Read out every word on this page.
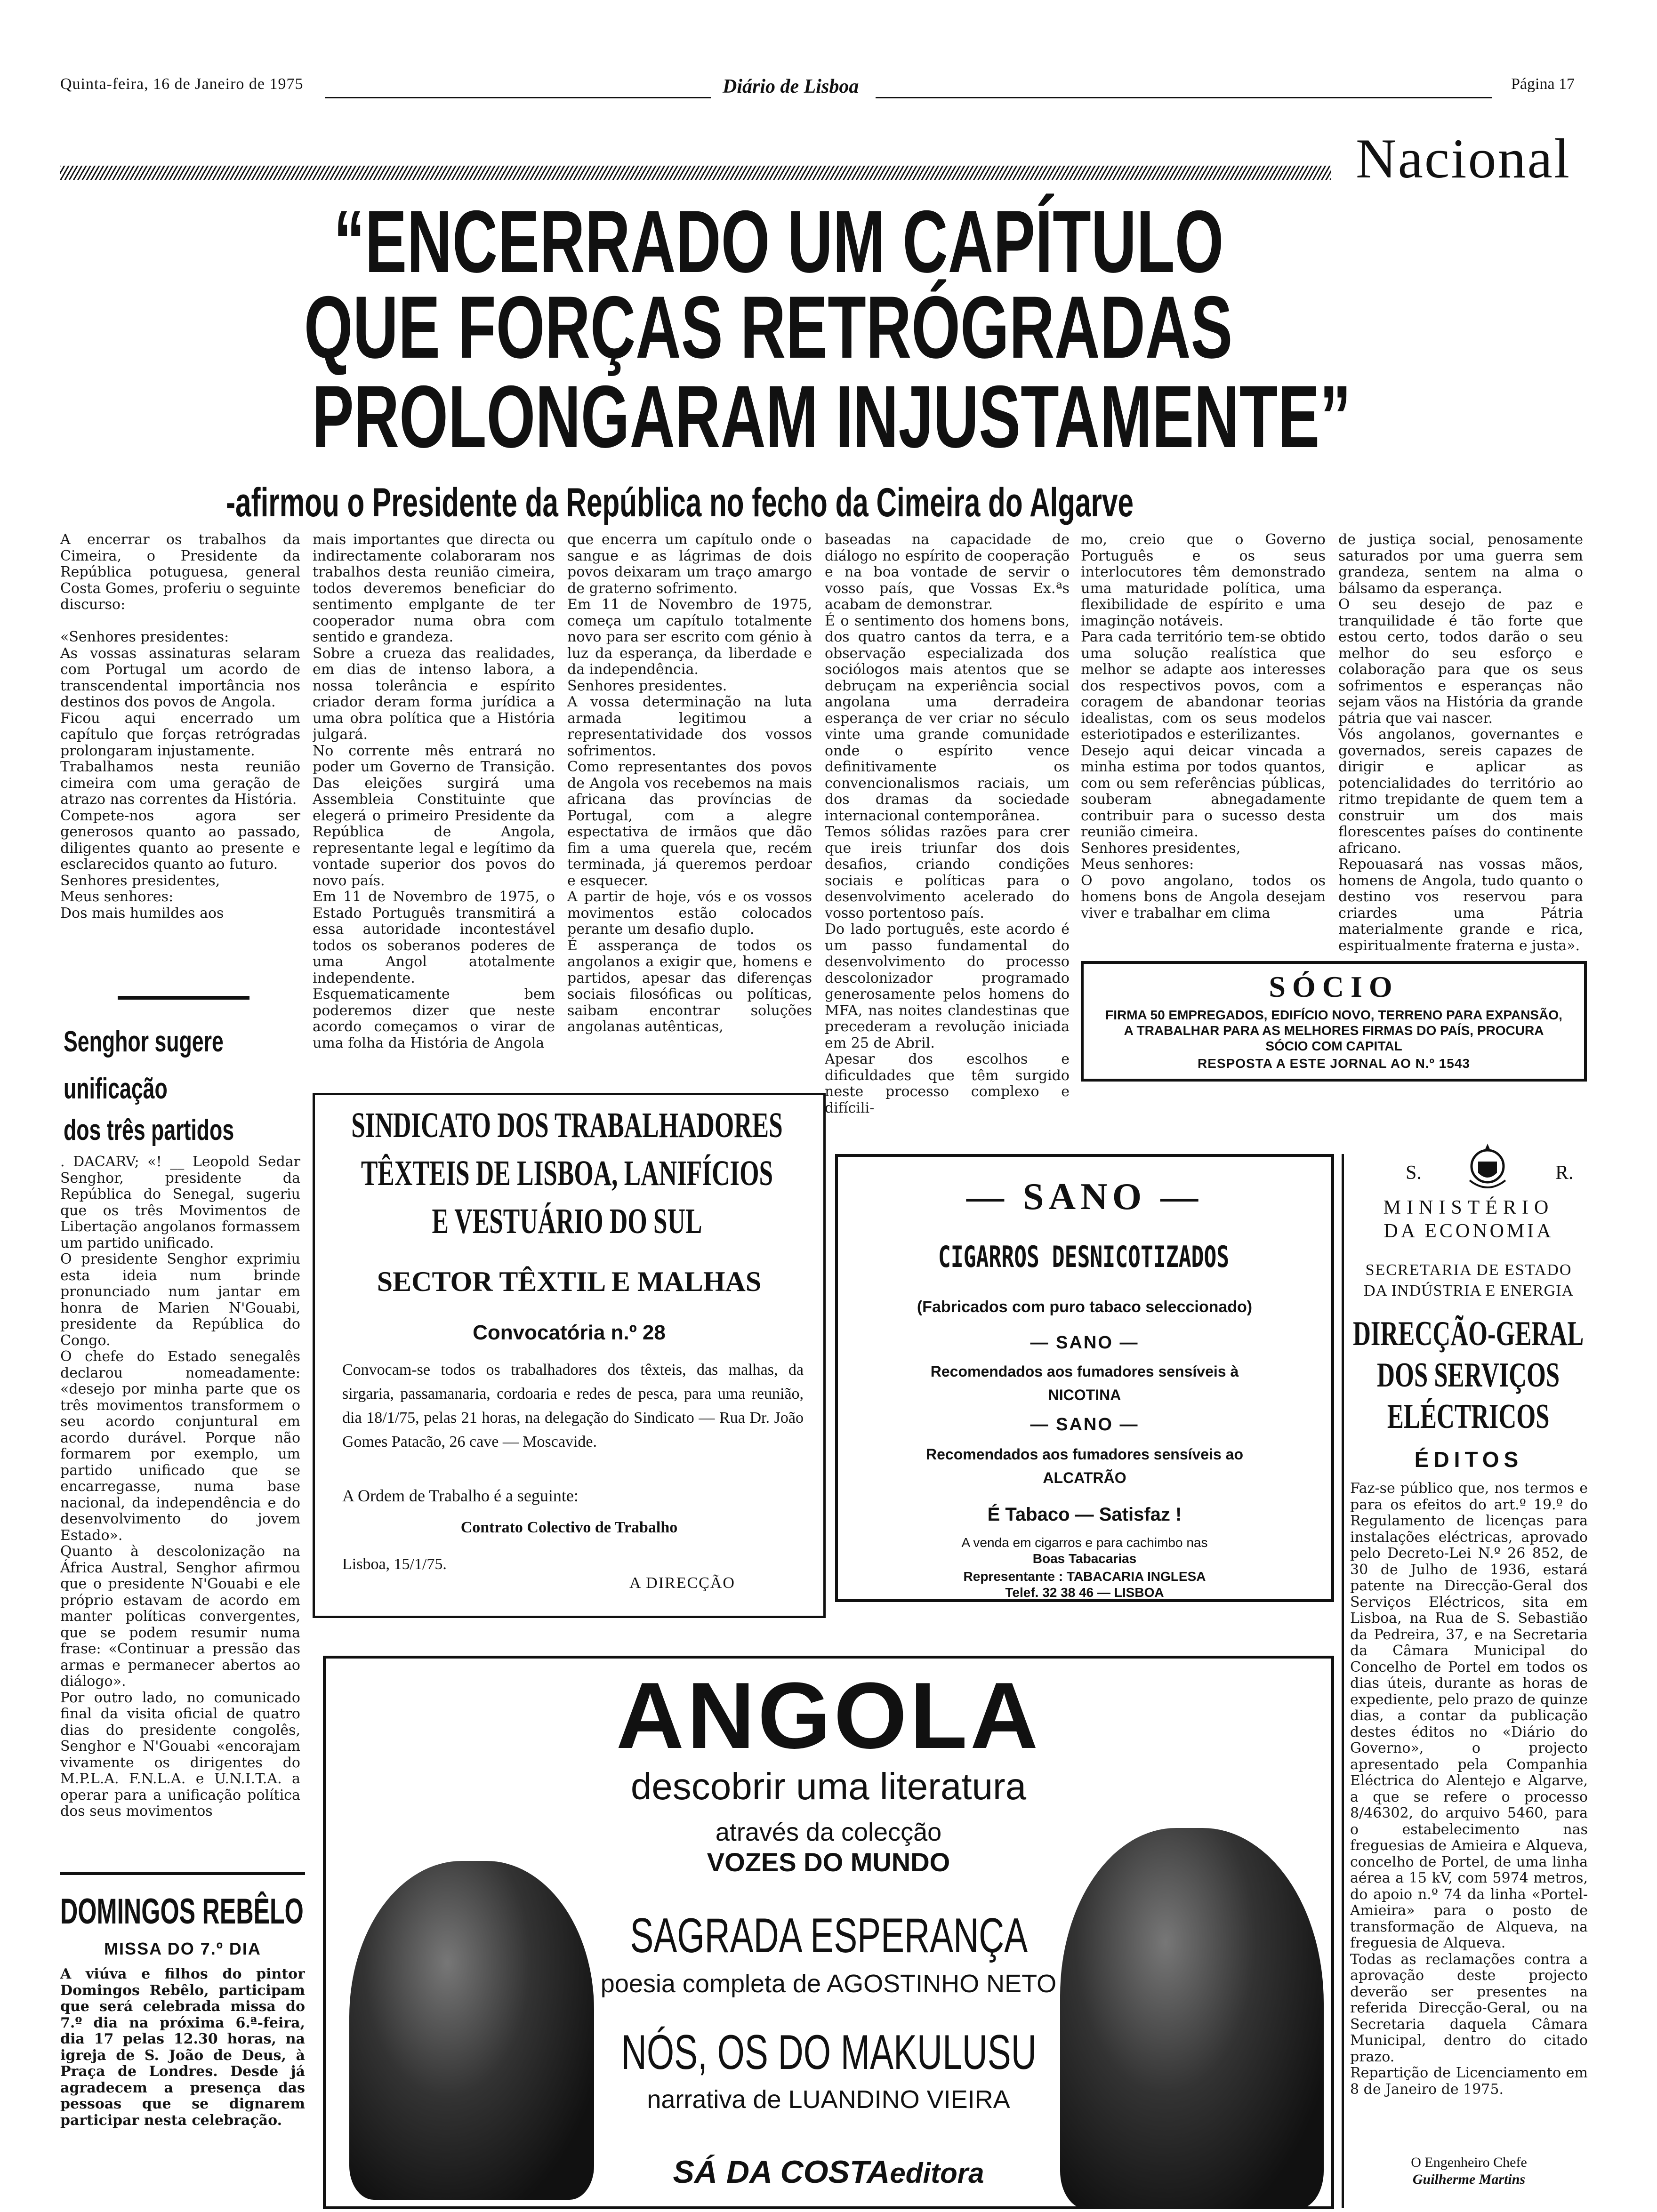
Quinta-feira, 16 de Janeiro de 1975	Diário de Lisboa	Página 17
Nacional
“ENCERRADO UM CAPÍTULO
QUE FORÇAS RETRÓGRADAS
PROLONGARAM INJUSTAMENTE”
-afirmou o Presidente da República no fecho da Cimeira do Algarve
A encerrar os trabalhos da Cimeira, o Presidente da República potuguesa, general Costa Gomes, proferiu o seguinte discurso:

«Senhores presidentes:
As vossas assinaturas selaram com Portugal um acordo de transcendental importância nos destinos dos povos de Angola.
Ficou aqui encerrado um capítulo que forças retrógradas prolongaram injustamente.
Trabalhamos nesta reunião cimeira com uma geração de atrazo nas correntes da História.
Compete-nos agora ser generosos quanto ao passado, diligentes quanto ao presente e esclarecidos quanto ao futuro.
Senhores presidentes,
Meus senhores:
Dos mais humildes aos
mais importantes que directa ou indirectamente colaboraram nos trabalhos desta reunião cimeira, todos deveremos beneficiar do sentimento emplgante de ter cooperador numa obra com sentido e grandeza.
Sobre a crueza das realidades, em dias de intenso labora, a nossa tolerância e espírito criador deram forma jurídica a uma obra política que a História julgará.
No corrente mês entrará no poder um Governo de Transição. Das eleições surgirá uma Assembleia Constituinte que elegerá o primeiro Presidente da República de Angola, representante legal e legítimo da vontade superior dos povos do novo país.
Em 11 de Novembro de 1975, o Estado Português transmitirá a essa autoridade incontestável todos os soberanos poderes de uma Angol atotalmente independente.
Esquematicamente bem poderemos dizer que neste acordo começamos o virar de uma folha da História de Angola
que encerra um capítulo onde o sangue e as lágrimas de dois povos deixaram um traço amargo de graterno sofrimento.
Em 11 de Novembro de 1975, começa um capítulo totalmente novo para ser escrito com génio à luz da esperança, da liberdade e da independência.
Senhores presidentes.
A vossa determinação na luta armada legitimou a representatividade dos vossos sofrimentos.
Como representantes dos povos de Angola vos recebemos na mais africana das províncias de Portugal, com a alegre espectativa de irmãos que dão fim a uma querela que, recém terminada, já queremos perdoar e esquecer.
A partir de hoje, vós e os vossos movimentos estão colocados perante um desafio duplo.
É assperança de todos os angolanos a exigir que, homens e partidos, apesar das diferenças sociais filosóficas ou políticas, saibam encontrar soluções angolanas autênticas,
baseadas na capacidade de diálogo no espírito de cooperação e na boa vontade de servir o vosso país, que Vossas Ex.ªs acabam de demonstrar.
É o sentimento dos homens bons, dos quatro cantos da terra, e a observação especializada dos sociólogos mais atentos que se debruçam na experiência social angolana uma derradeira esperança de ver criar no século vinte uma grande comunidade onde o espírito vence definitivamente os convencionalismos raciais, um dos dramas da sociedade internacional contemporânea.
Temos sólidas razões para crer que ireis triunfar dos dois desafios, criando condições sociais e políticas para o desenvolvimento acelerado do vosso portentoso país.
Do lado português, este acordo é um passo fundamental do desenvolvimento do processo descolonizador programado generosamente pelos homens do MFA, nas noites clandestinas que precederam a revolução iniciada em 25 de Abril.
Apesar dos escolhos e dificuldades que têm surgido neste processo complexo e difícili-
mo, creio que o Governo Português e os seus interlocutores têm demonstrado uma maturidade política, uma flexibilidade de espírito e uma imaginção notáveis.
Para cada território tem-se obtido uma solução realística que melhor se adapte aos interesses dos respectivos povos, com a coragem de abandonar teorias idealistas, com os seus modelos esteriotipados e esterilizantes.
Desejo aqui deicar vincada a minha estima por todos quantos, com ou sem referências públicas, souberam abnegadamente contribuir para o sucesso desta reunião cimeira.
Senhores presidentes,
Meus senhores:
O povo angolano, todos os homens bons de Angola desejam viver e trabalhar em clima
de justiça social, penosamente saturados por uma guerra sem grandeza, sentem na alma o bálsamo da esperança.
O seu desejo de paz e tranquilidade é tão forte que estou certo, todos darão o seu melhor do seu esforço e colaboração para que os seus sofrimentos e esperanças não sejam vãos na História da grande pátria que vai nascer.
Vós angolanos, governantes e governados, sereis capazes de dirigir e aplicar as potencialidades do território ao ritmo trepidante de quem tem a construir um dos mais florescentes países do continente africano.
Repouasará nas vossas mãos, homens de Angola, tudo quanto o destino vos reservou para criardes uma Pátria materialmente grande e rica, espiritualmente fraterna e justa».
Senghor sugere
unificação
dos três partidos
. DACARV; «! __ Leopold Sedar Senghor, presidente da República do Senegal, sugeriu que os três Movimentos de Libertação angolanos formassem um partido unificado.
O presidente Senghor exprimiu esta ideia num brinde pronunciado num jantar em honra de Marien N'Gouabi, presidente da República do Congo.
O chefe do Estado senegalês declarou nomeadamente: «desejo por minha parte que os três movimentos transformem o seu acordo conjuntural em acordo durável. Porque não formarem por exemplo, um partido unificado que se encarregasse, numa base nacional, da independência e do desenvolvimento do jovem Estado».
Quanto à descolonização na África Austral, Senghor afirmou que o presidente N'Gouabi e ele próprio estavam de acordo em manter políticas convergentes, que se podem resumir numa frase: «Continuar a pressão das armas e permanecer abertos ao diálogo».
Por outro lado, no comunicado final da visita oficial de quatro dias do presidente congolês, Senghor e N'Gouabi «encorajam vivamente os dirigentes do M.P.L.A. F.N.L.A. e U.N.I.T.A. a operar para a unificação política dos seus movimentos
DOMINGOS REBÊLO
MISSA DO 7.º DIA
A viúva e filhos do pintor Domingos Rebêlo, participam que será celebrada missa do 7.º dia na próxima 6.ª-feira, dia 17 pelas 12.30 horas, na igreja de S. João de Deus, à Praça de Londres. Desde já agradecem a presença das pessoas que se dignarem participar nesta celebração.
SÓCIO
FIRMA 50 EMPREGADOS, EDIFÍCIO NOVO, TERRENO PARA EXPANSÃO, A TRABALHAR PARA AS MELHORES FIRMAS DO PAÍS, PROCURA SÓCIO COM CAPITAL
RESPOSTA A ESTE JORNAL AO N.º 1543
SINDICATO DOS TRABALHADORES
TÊXTEIS DE LISBOA, LANIFÍCIOS
E VESTUÁRIO DO SUL
SECTOR TÊXTIL E MALHAS
Convocatória n.º 28
Convocam-se todos os trabalhadores dos têxteis, das malhas, da sirgaria, passamanaria, cordoaria e redes de pesca, para uma reunião, dia 18/1/75, pelas 21 horas, na delegação do Sindicato — Rua Dr. João Gomes Patacão, 26 cave — Moscavide.
A Ordem de Trabalho é a seguinte:
Contrato Colectivo de Trabalho
Lisboa, 15/1/75.
A DIRECÇÃO
— SANO —
CIGARROS DESNICOTIZADOS
(Fabricados com puro tabaco seleccionado)
— SANO —
Recomendados aos fumadores sensíveis à
NICOTINA
— SANO —
Recomendados aos fumadores sensíveis ao
ALCATRÃO
É Tabaco — Satisfaz !
A venda em cigarros e para cachimbo nas
Boas Tabacarias
Representante : TABACARIA INGLESA
Telef. 32 38 46 — LISBOA
S.	R.
MINISTÉRIO
DA ECONOMIA
SECRETARIA DE ESTADO
DA INDÚSTRIA E ENERGIA
DIRECÇÃO-GERAL
DOS SERVIÇOS
ELÉCTRICOS
ÉDITOS
Faz-se público que, nos termos e para os efeitos do art.º 19.º do Regulamento de licenças para instalações eléctricas, aprovado pelo Decreto-Lei N.º 26 852, de 30 de Julho de 1936, estará patente na Direcção-Geral dos Serviços Eléctricos, sita em Lisboa, na Rua de S. Sebastião da Pedreira, 37, e na Secretaria da Câmara Municipal do Concelho de Portel em todos os dias úteis, durante as horas de expediente, pelo prazo de quinze dias, a contar da publicação destes éditos no «Diário do Governo», o projecto apresentado pela Companhia Eléctrica do Alentejo e Algarve, a que se refere o processo 8/46302, do arquivo 5460, para o estabelecimento nas freguesias de Amieira e Alqueva, concelho de Portel, de uma linha aérea a 15 kV, com 5974 metros, do apoio n.º 74 da linha «Portel-Amieira» para o posto de transformação de Alqueva, na freguesia de Alqueva.
Todas as reclamações contra a aprovação deste projecto deverão ser presentes na referida Direcção-Geral, ou na Secretaria daquela Câmara Municipal, dentro do citado prazo.
Repartição de Licenciamento em 8 de Janeiro de 1975.
O Engenheiro Chefe
Guilherme Martins
ANGOLA
descobrir uma literatura
através da colecção
VOZES DO MUNDO
SAGRADA ESPERANÇA
poesia completa de AGOSTINHO NETO
NÓS, OS DO MAKULUSU
narrativa de LUANDINO VIEIRA
SÁ DA COSTAeditora
